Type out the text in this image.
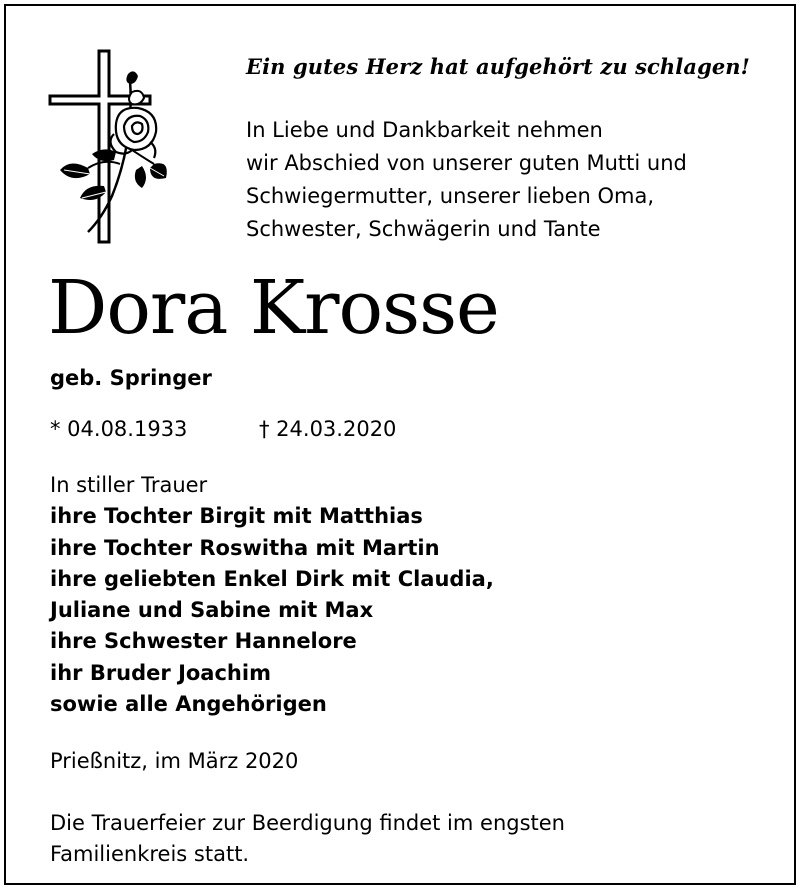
Ein gutes Herz hat aufgehört zu schlagen!
In Liebe und Dankbarkeit nehmen
wir Abschied von unserer guten Mutti und
Schwiegermutter, unserer lieben Oma,
Schwester, Schwägerin und Tante
Dora Krosse
geb. Springer
* 04.08.1933	† 24.03.2020
In stiller Trauer
ihre Tochter Birgit mit Matthias
ihre Tochter Roswitha mit Martin
ihre geliebten Enkel Dirk mit Claudia,
Juliane und Sabine mit Max
ihre Schwester Hannelore
ihr Bruder Joachim
sowie alle Angehörigen
Prießnitz, im März 2020
Die Trauerfeier zur Beerdigung findet im engsten
Familienkreis statt.
